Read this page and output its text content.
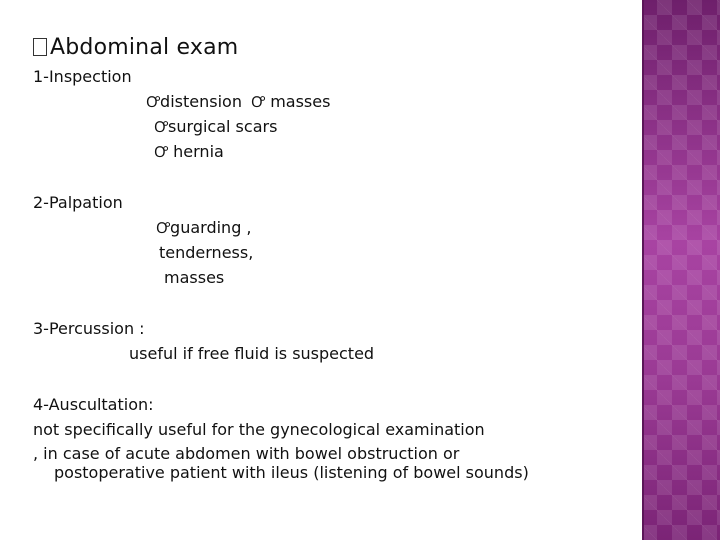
Abdominal exam
1-Inspection
Ꝍdistension Ꝍ masses
Ꝍsurgical scars
Ꝍ hernia
2-Palpation
Ꝍguarding ,
tenderness,
masses
3-Percussion :
useful if free fluid is suspected
4-Auscultation:
not specifically useful for the gynecological examination
, in case of acute abdomen with bowel obstruction or
postoperative patient with ileus (listening of bowel sounds)
